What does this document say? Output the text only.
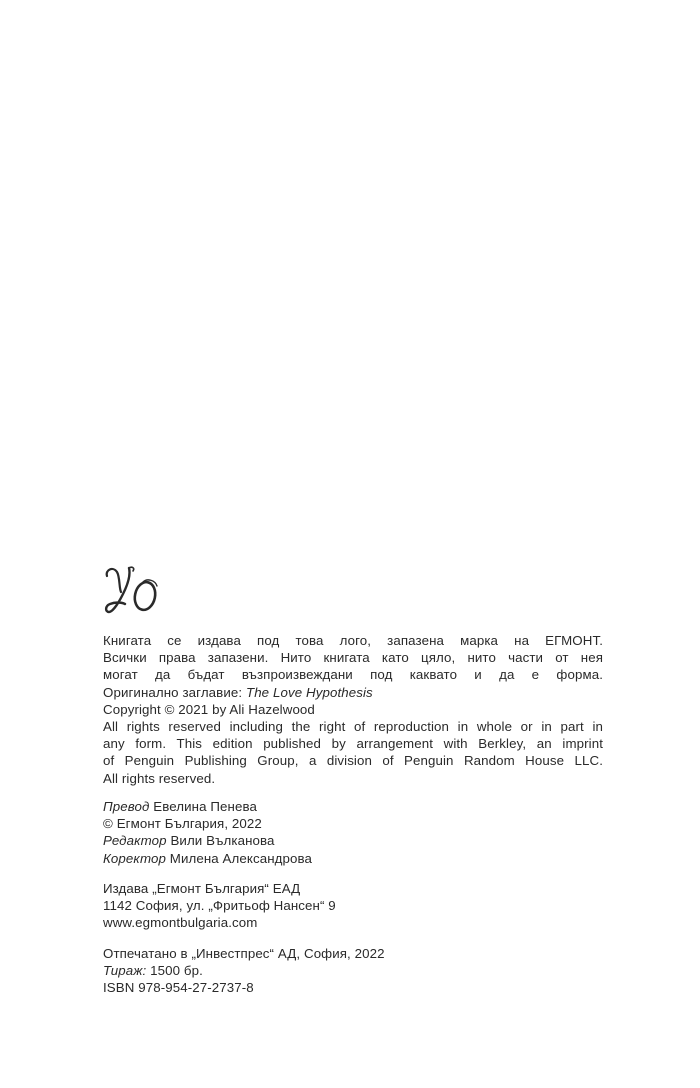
Книгата се издава под това лого, запазена марка на ЕГМОНТ.
Всички права запазени. Нито книгата като цяло, нито части от нея
могат да бъдат възпроизвеждани под каквато и да е форма.
Оригинално заглавие: The Love Hypothesis
Copyright © 2021 by Ali Hazelwood
All rights reserved including the right of reproduction in whole or in part in
any form. This edition published by arrangement with Berkley, an imprint
of Penguin Publishing Group, a division of Penguin Random House LLC.
All rights reserved.
Превод Евелина Пенева
© Егмонт България, 2022
Редактор Вили Вълканова
Коректор Милена Александрова
Издава „Егмонт България“ ЕАД
1142 София, ул. „Фритьоф Нансен“ 9
www.egmontbulgaria.com
Отпечатано в „Инвестпрес“ АД, София, 2022
Тираж: 1500 бр.
ISBN 978-954-27-2737-8
